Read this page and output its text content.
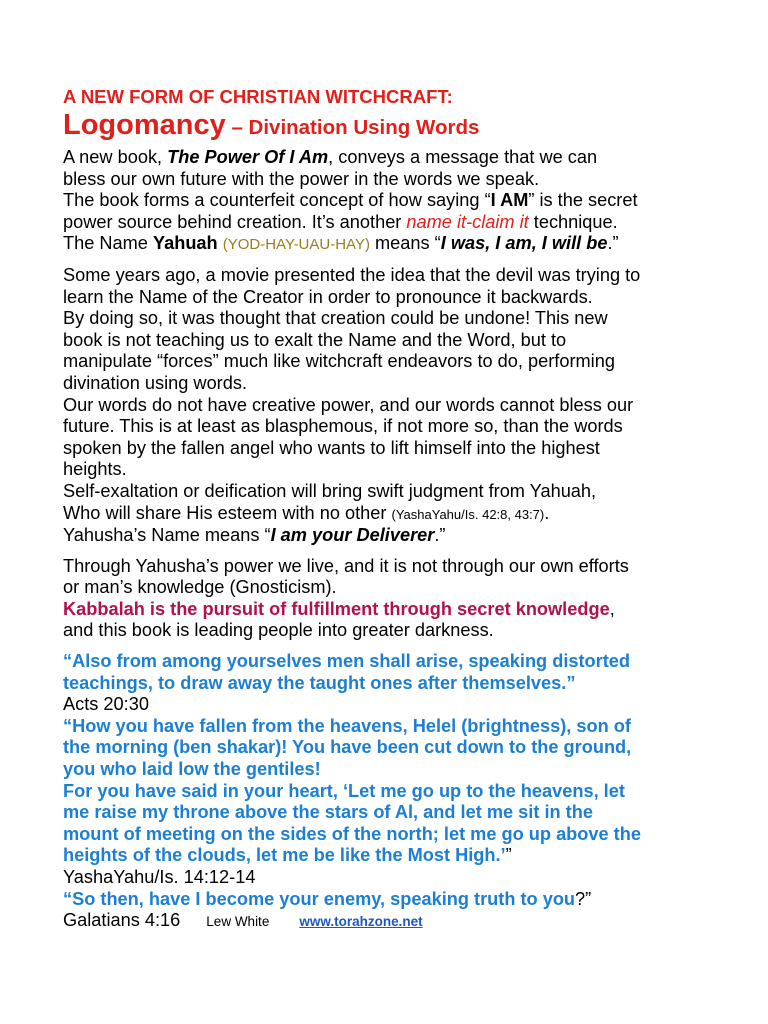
A NEW FORM OF CHRISTIAN WITCHCRAFT:
Logomancy – Divination Using Words
A new book, The Power Of I Am, conveys a message that we can
bless our own future with the power in the words we speak.
The book forms a counterfeit concept of how saying “I AM” is the secret
power source behind creation. It’s another name it-claim it technique.
The Name Yahuah (YOD-HAY-UAU-HAY) means “I was, I am, I will be.”
Some years ago, a movie presented the idea that the devil was trying to
learn the Name of the Creator in order to pronounce it backwards.
By doing so, it was thought that creation could be undone! This new
book is not teaching us to exalt the Name and the Word, but to
manipulate “forces” much like witchcraft endeavors to do, performing
divination using words.
Our words do not have creative power, and our words cannot bless our
future. This is at least as blasphemous, if not more so, than the words
spoken by the fallen angel who wants to lift himself into the highest
heights.
Self-exaltation or deification will bring swift judgment from Yahuah,
Who will share His esteem with no other (YashaYahu/Is. 42:8, 43:7).
Yahusha’s Name means “I am your Deliverer.”
Through Yahusha’s power we live, and it is not through our own efforts
or man’s knowledge (Gnosticism).
Kabbalah is the pursuit of fulfillment through secret knowledge,
and this book is leading people into greater darkness.
“Also from among yourselves men shall arise, speaking distorted
teachings, to draw away the taught ones after themselves.”
Acts 20:30
“How you have fallen from the heavens, Helel (brightness), son of
the morning (ben shakar)! You have been cut down to the ground,
you who laid low the gentiles!
For you have said in your heart, ‘Let me go up to the heavens, let
me raise my throne above the stars of Al, and let me sit in the
mount of meeting on the sides of the north; let me go up above the
heights of the clouds, let me be like the Most High.’”
YashaYahu/Is. 14:12-14
“So then, have I become your enemy, speaking truth to you?”
Galatians 4:16 Lew White www.torahzone.net
